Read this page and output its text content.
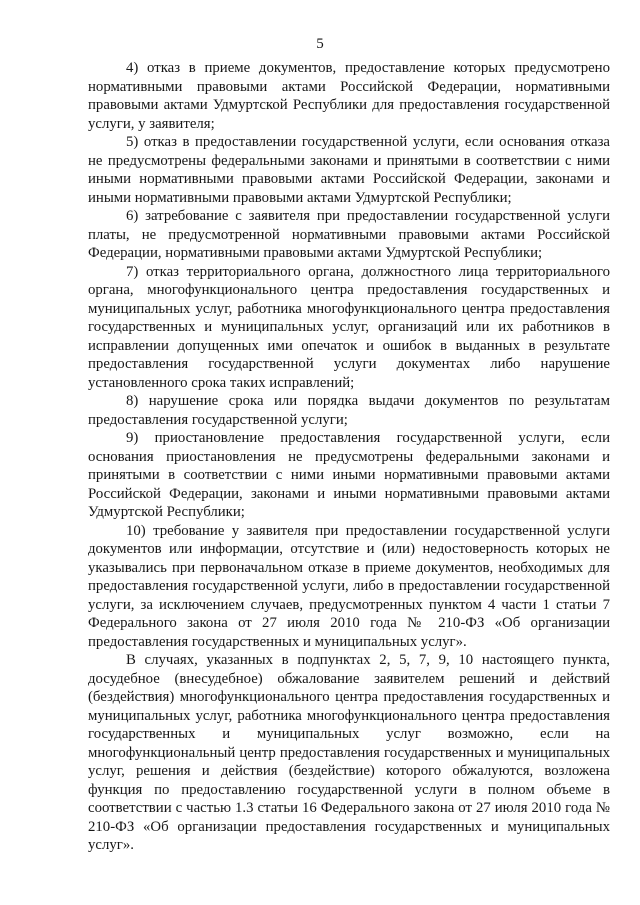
5

4) отказ в приеме документов, предоставление которых предусмотрено нормативными правовыми актами Российской Федерации, нормативными правовыми актами Удмуртской Республики для предоставления государственной услуги, у заявителя;

5) отказ в предоставлении государственной услуги, если основания отказа не предусмотрены федеральными законами и принятыми в соответствии с ними иными нормативными правовыми актами Российской Федерации, законами и иными нормативными правовыми актами Удмуртской Республики;

6) затребование с заявителя при предоставлении государственной услуги платы, не предусмотренной нормативными правовыми актами Российской Федерации, нормативными правовыми актами Удмуртской Республики;

7) отказ территориального органа, должностного лица территориального органа, многофункционального центра предоставления государственных и муниципальных услуг, работника многофункционального центра предоставления государственных и муниципальных услуг, организаций или их работников в исправлении допущенных ими опечаток и ошибок в выданных в результате предоставления государственной услуги документах либо нарушение установленного срока таких исправлений;

8) нарушение срока или порядка выдачи документов по результатам предоставления государственной услуги;

9) приостановление предоставления государственной услуги, если основания приостановления не предусмотрены федеральными законами и принятыми в соответствии с ними иными нормативными правовыми актами Российской Федерации, законами и иными нормативными правовыми актами Удмуртской Республики;

10) требование у заявителя при предоставлении государственной услуги документов или информации, отсутствие и (или) недостоверность которых не указывались при первоначальном отказе в приеме документов, необходимых для предоставления государственной услуги, либо в предоставлении государственной услуги, за исключением случаев, предусмотренных пунктом 4 части 1 статьи 7 Федерального закона от 27 июля 2010 года № 210-ФЗ «Об организации предоставления государственных и муниципальных услуг».

В случаях, указанных в подпунктах 2, 5, 7, 9, 10 настоящего пункта, досудебное (внесудебное) обжалование заявителем решений и действий (бездействия) многофункционального центра предоставления государственных и муниципальных услуг, работника многофункционального центра предоставления государственных и муниципальных услуг возможно, если на многофункциональный центр предоставления государственных и муниципальных услуг, решения и действия (бездействие) которого обжалуются, возложена функция по предоставлению государственной услуги в полном объеме в соответствии с частью 1.3 статьи 16 Федерального закона от 27 июля 2010 года № 210-ФЗ «Об организации предоставления государственных и муниципальных услуг».
